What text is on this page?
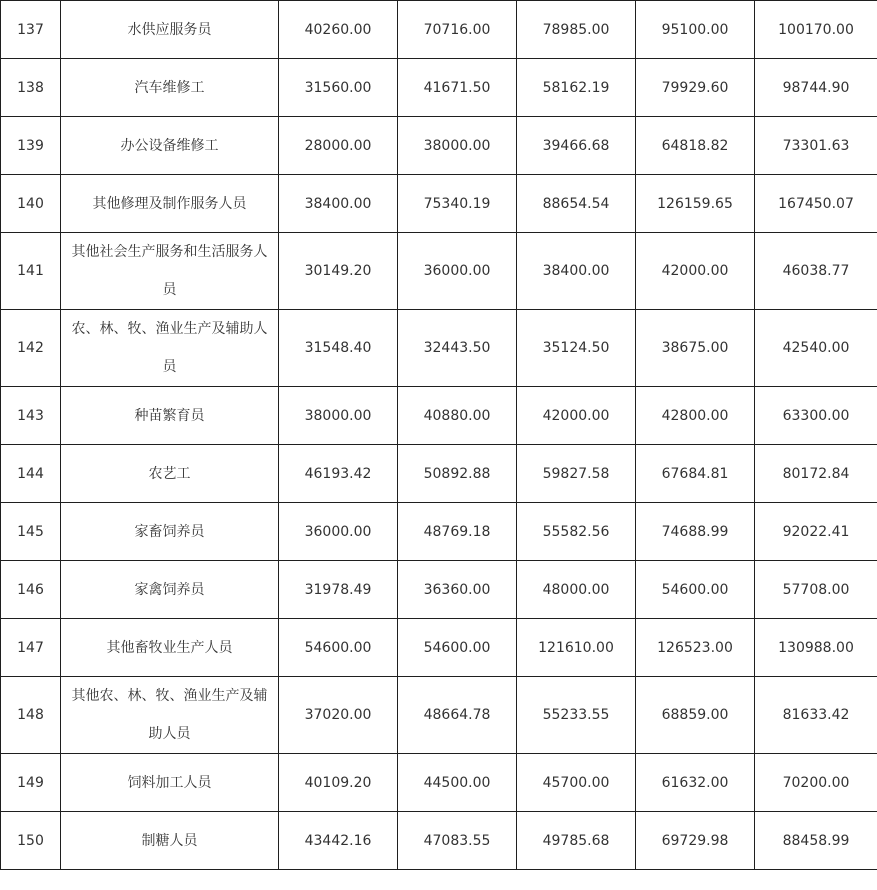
137	水供应服务员	40260.00	70716.00	78985.00	95100.00	100170.00
138	汽车维修工	31560.00	41671.50	58162.19	79929.60	98744.90
139	办公设备维修工	28000.00	38000.00	39466.68	64818.82	73301.63
140	其他修理及制作服务人员	38400.00	75340.19	88654.54	126159.65	167450.07
141	其他社会生产服务和生活服务人员	30149.20	36000.00	38400.00	42000.00	46038.77
142	农、林、牧、渔业生产及辅助人员	31548.40	32443.50	35124.50	38675.00	42540.00
143	种苗繁育员	38000.00	40880.00	42000.00	42800.00	63300.00
144	农艺工	46193.42	50892.88	59827.58	67684.81	80172.84
145	家畜饲养员	36000.00	48769.18	55582.56	74688.99	92022.41
146	家禽饲养员	31978.49	36360.00	48000.00	54600.00	57708.00
147	其他畜牧业生产人员	54600.00	54600.00	121610.00	126523.00	130988.00
148	其他农、林、牧、渔业生产及辅助人员	37020.00	48664.78	55233.55	68859.00	81633.42
149	饲料加工人员	40109.20	44500.00	45700.00	61632.00	70200.00
150	制糖人员	43442.16	47083.55	49785.68	69729.98	88458.99
